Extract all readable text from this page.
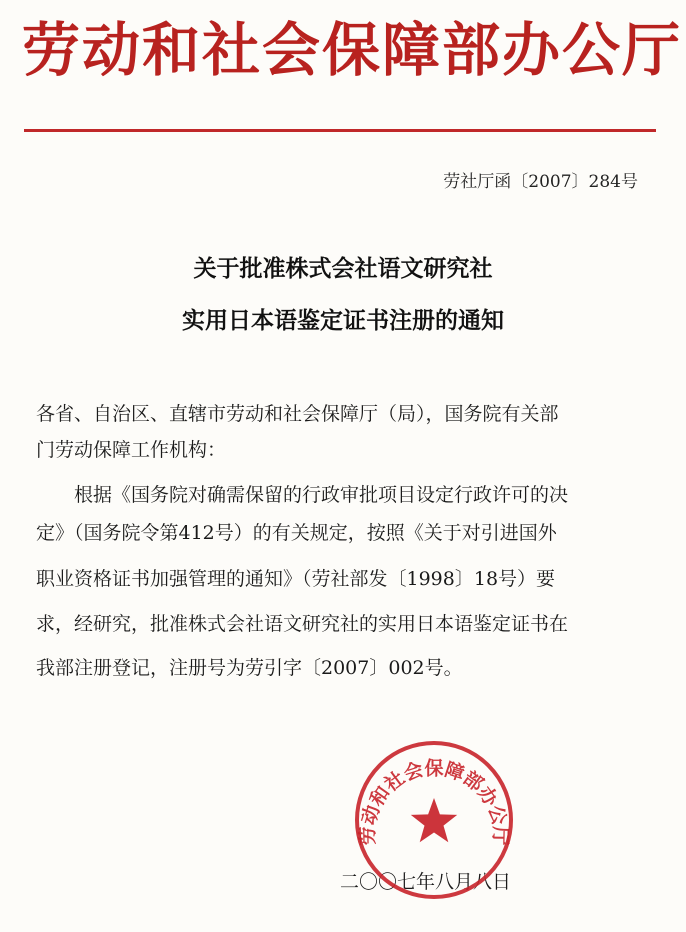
劳动和社会保障部办公厅
劳社厅函〔2007〕284号
关于批准株式会社语文研究社
实用日本语鉴定证书注册的通知
各省、自治区、直辖市劳动和社会保障厅（局），国务院有关部
门劳动保障工作机构：
　　根据《国务院对确需保留的行政审批项目设定行政许可的决
定》（国务院令第412号）的有关规定，按照《关于对引进国外
职业资格证书加强管理的通知》（劳社部发〔1998〕18号）要
求，经研究，批准株式会社语文研究社的实用日本语鉴定证书在
我部注册登记，注册号为劳引字〔2007〕002号。
二〇〇七年八月八日
劳动和社会保障部办公厅
